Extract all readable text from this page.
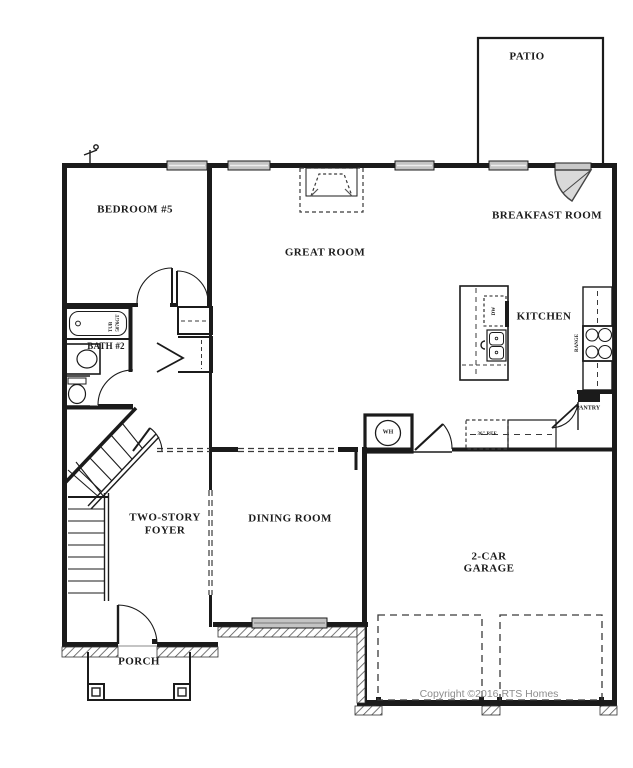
PATIO
BEDROOM #5
GREAT ROOM
BREAKFAST ROOM
KITCHEN
BATH #2
TWO-STORY
FOYER
DINING ROOM
2-CAR
GARAGE
PORCH
PANTRY
WH	36" REF
DW
RANGE
TUB 5076GT
Copyright ©2016 RTS Homes
